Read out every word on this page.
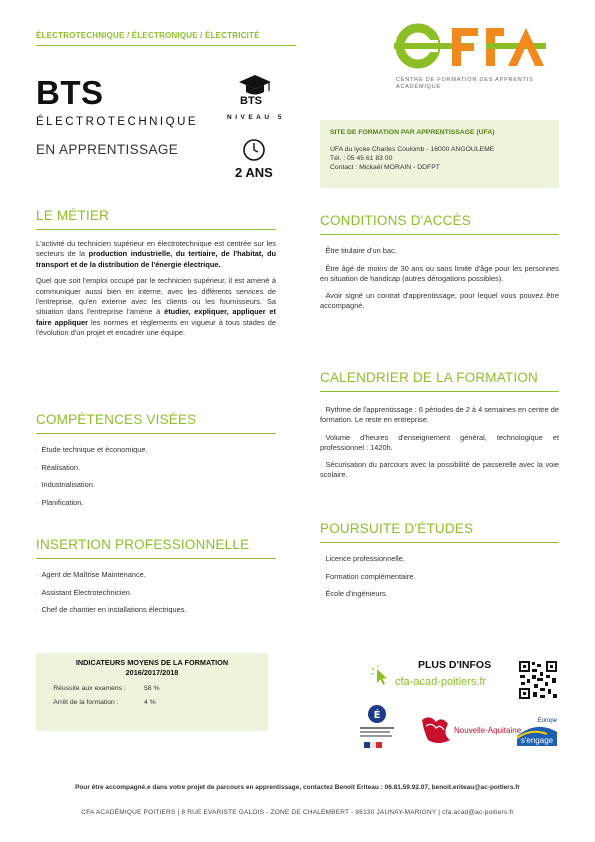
ÉLECTROTECHNIQUE / ÉLECTRONIQUE / ÉLECTRICITÉ
CENTRE DE FORMATION DES APPRENTIS ACADÉMIQUE
BTS
ÉLECTROTECHNIQUE
EN APPRENTISSAGE
BTS
NIVEAU 5
2 ANS
SITE DE FORMATION PAR APPRENTISSAGE (UFA)
UFA du lycée Charles Coulomb - 16000 ANGOULEME
Tél. : 05 45 61 83 00
Contact : Mickaël MORAIN - DDFPT
LE MÉTIER

L'activité du technicien supérieur en électrotechnique est centrée sur les secteurs de la production industrielle, du tertiaire, de l'habitat, du transport et de la distribution de l'énergie électrique.

Quel que soit l'emploi occupé par le technicien supérieur, il est amené à communiquer aussi bien en interne, avec les différents services de l'entreprise, qu'en externe avec les clients ou les fournisseurs. Sa situation dans l'entreprise l'amène à étudier, expliquer, appliquer et faire appliquer les normes et règlements en vigueur à tous stades de l'évolution d'un projet et encadrer une équipe.

COMPÉTENCES VISÉES
· Étude technique et économique.
· Réalisation.
· Industrialisation.
· Planification.
INSERTION PROFESSIONNELLE
· Agent de Maîtrise Maintenance.
· Assistant Électrotechnicien.
· Chef de chantier en installations électriques.
CONDITIONS D'ACCÈS
· Être titulaire d'un bac.
· Être âgé de moins de 30 ans ou sans limite d'âge pour les personnes en situation de handicap (autres dérogations possibles).
· Avoir signé un contrat d'apprentissage, pour lequel vous pouvez être accompagné.
CALENDRIER DE LA FORMATION
· Rythme de l'apprentissage : 6 périodes de 2 à 4 semaines en centre de formation. Le reste en entreprise.
· Volume d'heures d'enseignement général, technologique et professionnel : 1420h.
· Sécurisation du parcours avec la possibilité de passerelle avec la voie scolaire.
POURSUITE D'ÉTUDES
· Licence professionnelle.
· Formation complémentaire.
· École d'ingénieurs.
INDICATEURS MOYENS DE LA FORMATION
2016/2017/2018
· Réussite aux examens :	58 %
· Arrêt de la formation :	4 %
PLUS D'INFOS
cfa-acad-poitiers.fr
É
Nouvelle-Aquitaine
Europe
s'engage
Pour être accompagné.e dans votre projet de parcours en apprentissage, contactez Benoît Eriteau : 06.81.59.92.07, benoit.eriteau@ac-poitiers.fr
CFA ACADÉMIQUE POITIERS | 8 RUE EVARISTE GALOIS - ZONE DE CHALEMBERT - 86130 JAUNAY-MARIGNY | cfa.acad@ac-poitiers.fr
